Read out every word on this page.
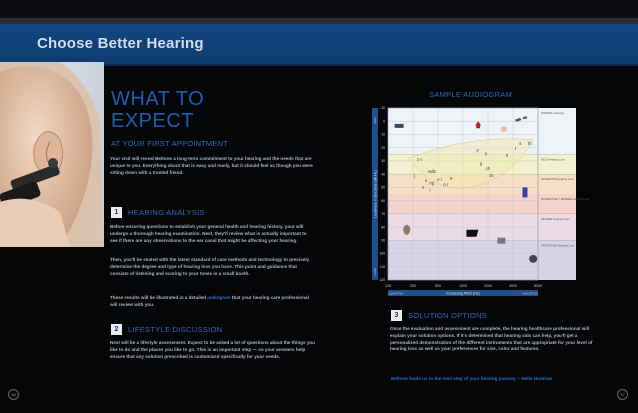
Choose Better Hearing
WHAT TO
EXPECT
AT YOUR FIRST APPOINTMENT
Your visit will reveal Beltone a long-term commitment to your hearing and the needs that are unique to you. Everything about that is easy and ready, but it should feel as though you were sitting down with a trusted friend.
1	HEARING ANALYSIS
Before ensuring questions to establish your general health and hearing history, your will undergo a thorough hearing examination. Next, they'll review what is actually important to see if there are any observations to the ear canal that might be affecting your hearing.
Then, you'll be seated with the latest standard of care methods and technology to precisely determine the degree and type of hearing loss you have. This point and guidance that consists of listening and scoring to your tones in a small booth.
These results will be illustrated in a detailed audiogram that your hearing care professional will review with you.
2	LIFESTYLE DISCUSSION
Next will be a lifestyle assessment. Expect to be asked a lot of questions about the things you like to do and the places you like to go. This is an important step — so your answers help ensure that any solution prescribed is customized specifically for your needs.
16
SAMPLE AUDIOGRAM
NORMAL Hearing
MILD Hearing Loss
MODERATE Hearing Loss
MODERATELY SEVERE Hearing Loss
SEVERE Hearing Loss
PROFOUND Hearing Loss
125	250	500	1000	2000	4000	8000
-10
0
10
20
30
40
50
60
70
80
90
100
110
120
Loudness in Decibels (dB HL)
SOFT
LOUD
Increasing Pitch (Hz)
LOW PITCH	HIGH PITCH
z v
j
mdb
n
ng
e l
u
i
a
o r
p
h
g
ch
sh
k
f
s th
3	SOLUTION OPTIONS
Once the evaluation and assessment are complete, the hearing healthcare professional will explain your solution options. If it's determined that hearing aids can help, you'll get a personalized demonstration of the different instruments that are appropriate for your level of hearing loss as well as your preferences for size, color and features.
Beltone leads us to the next step of your hearing journey. – Hello Hartman
17
